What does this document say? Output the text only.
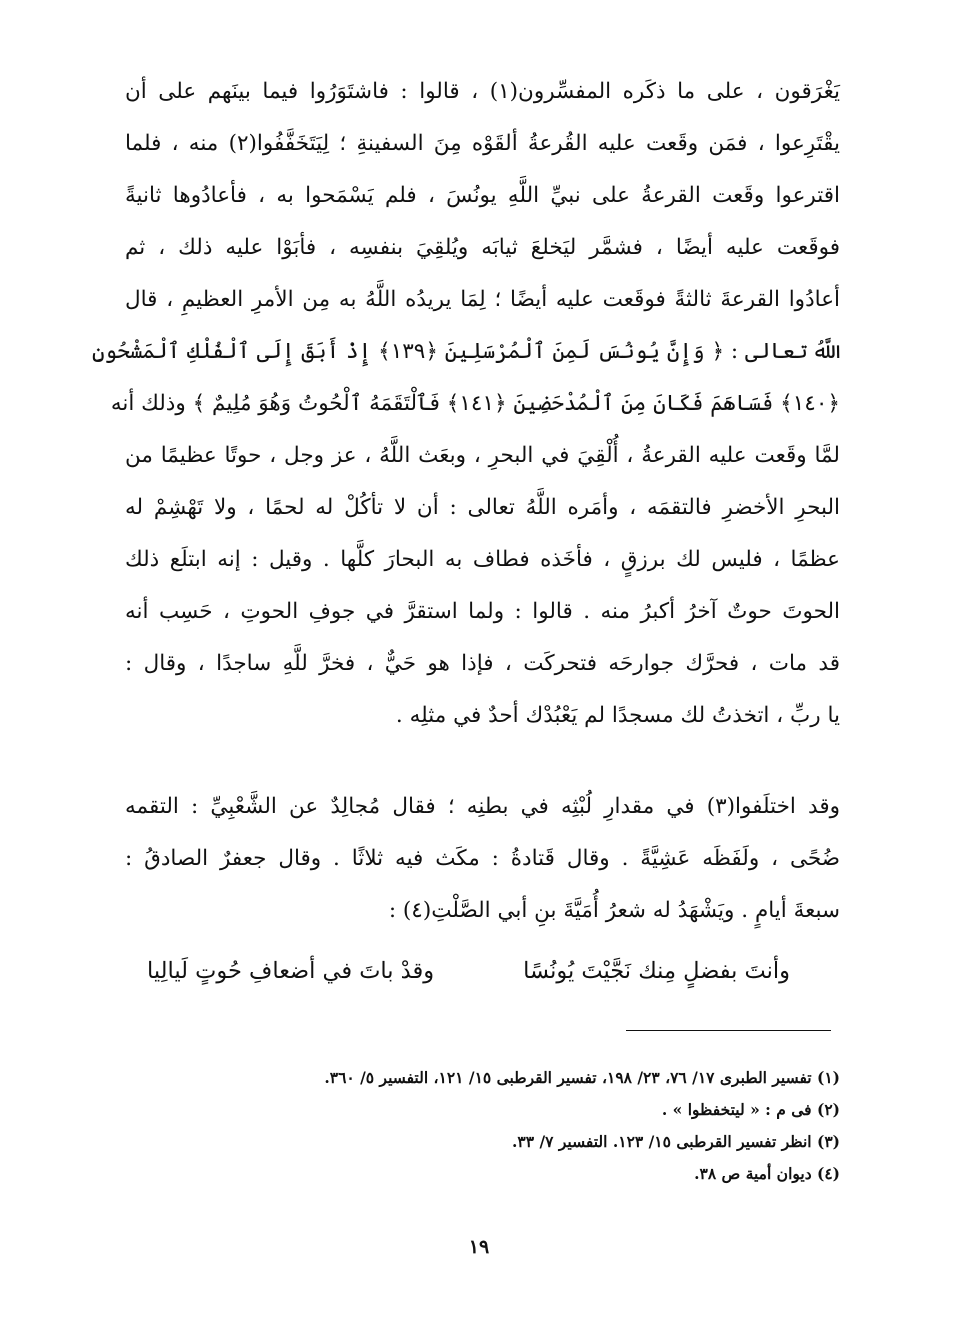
يَغْرَقون ، على ما ذكَره المفسِّرون(١) ، قالوا : فاشتَوَرُوا فيما بينَهم على أن
يقْتَرِعوا ، فمَن وقَعت عليه القُرعةُ ألقَوْه مِنَ السفينةِ ؛ لِيَتَخَفَّفُوا(٢) منه ، فلما
اقترعوا وقَعت القرعةُ على نبيِّ اللَّهِ يونُسَ ، فلم يَسْمَحوا به ، فأعادُوها ثانيةً
فوقَعت عليه أيضًا ، فشمَّر ليَخلعَ ثيابَه ويُلقِيَ بنفسِه ، فأبَوْا عليه ذلك ، ثم
أعادُوا القرعةَ ثالثةً فوقَعت عليه أيضًا ؛ لِمَا يريدُه اللَّهُ به مِن الأمرِ العظيمِ ، قال
اللَّهُ تعالى : ﴿ وَإِنَّ يُونُسَ لَمِنَ ٱلْمُرْسَلِينَ ﴿١٣٩﴾ إِذْ أَبَقَ إِلَى ٱلْفُلْكِ ٱلْمَشْحُونِ
﴿١٤٠﴾ فَسَاهَمَ فَكَانَ مِنَ ٱلْمُدْحَضِينَ ﴿١٤١﴾ فَٱلْتَقَمَهُ ٱلْحُوتُ وَهُوَ مُلِيمٌ ﴾ وذلك أنه
لمَّا وقَعت عليه القرعةُ ، أُلْقِيَ في البحرِ ، وبعَث اللَّهُ ، عز وجل ، حوتًا عظيمًا من
البحرِ الأخضرِ فالتقمَه ، وأمَره اللَّهُ تعالى : أن لا تأكُلْ له لحمًا ، ولا تَهْشِمْ له
عظمًا ، فليس لك برزقٍ ، فأخَذه فطاف به البحارَ كلَّها . وقيل : إنه ابتلَع ذلك
الحوتَ حوتٌ آخرُ أكبرُ منه . قالوا : ولما استقرَّ في جوفِ الحوتِ ، حَسِب أنه
قد مات ، فحرَّك جوارحَه فتحركَت ، فإذا هو حَيٌّ ، فخرَّ للَّهِ ساجدًا ، وقال :
يا ربِّ ، اتخذتُ لك مسجدًا لم يَعْبُدْك أحدٌ في مثلِه .
وقد اختلَفوا(٣) في مقدارِ لُبْثِه في بطنِه ؛ فقال مُجالِدٌ عن الشَّعْبِيِّ : التقمه
ضُحًى ، ولَفَظَه عَشِيَّةً . وقال قَتادةُ : مكَث فيه ثلاثًا . وقال جعفرٌ الصادقُ :
سبعةَ أيامٍ . ويَشْهَدُ له شعرُ أُمَيَّةَ بنِ أبي الصَّلْتِ(٤) :
وأنتَ بفضلٍ مِنك نَجَّيْتَ يُونُسًا
وقدْ باتَ في أضعافِ حُوتٍ لَيالِيا
(١) تفسير الطبرى ١٧/ ٧٦، ٢٣/ ١٩٨، تفسير القرطبى ١٥/ ١٢١، التفسير ٥/ ٣٦٠.
(٢) فى م : « ليتخفظوا » .
(٣) انظر تفسير القرطبى ١٥/ ١٢٣. التفسير ٧/ ٣٣.
(٤) ديوان أمية ص ٣٨.
١٩
